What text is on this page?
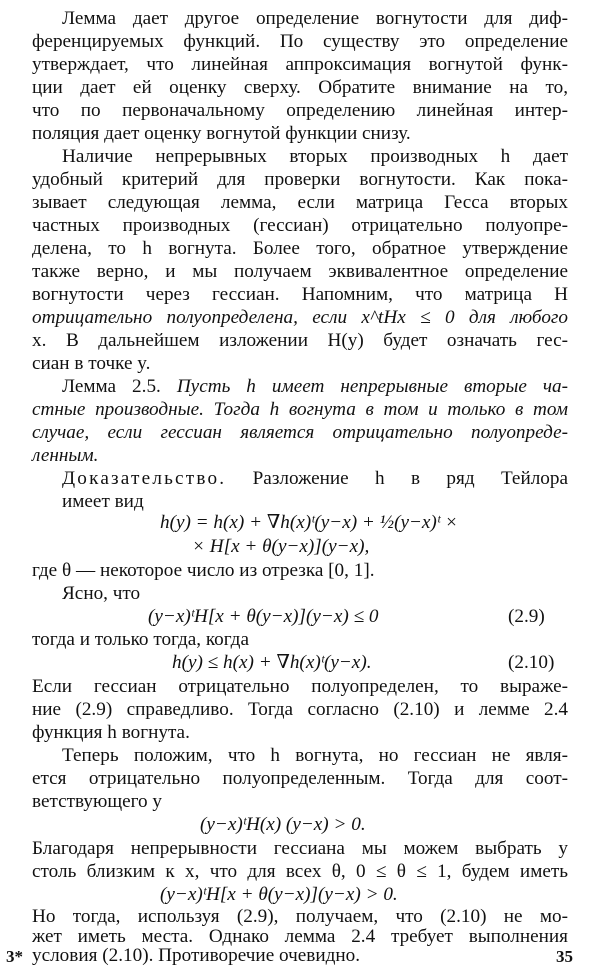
Лемма дает другое определение вогнутости для диф-
ференцируемых функций. По существу это определение
утверждает, что линейная аппроксимация вогнутой функ-
ции дает ей оценку сверху. Обратите внимание на то,
что по первоначальному определению линейная интер-
поляция дает оценку вогнутой функции снизу.
Наличие непрерывных вторых производных h дает
удобный критерий для проверки вогнутости. Как пока-
зывает следующая лемма, если матрица Гесса вторых
частных производных (гессиан) отрицательно полуопре-
делена, то h вогнута. Более того, обратное утверждение
также верно, и мы получаем эквивалентное определение
вогнутости через гессиан. Напомним, что матрица H
отрицательно полуопределена, если x^tHx ≤ 0 для любого
x. В дальнейшем изложении H(y) будет означать гес-
сиан в точке y.
Лемма 2.5. Пусть h имеет непрерывные вторые ча-
стные производные. Тогда h вогнута в том и только в том
случае, если гессиан является отрицательно полуопреде-
ленным.
Доказательство. Разложение h в ряд Тейлора
имеет вид
h(y) = h(x) + ∇h(x)ᵗ(y−x) + ½(y−x)ᵗ ×
× H[x + θ(y−x)](y−x),
где θ — некоторое число из отрезка [0, 1].
Ясно, что
(y−x)ᵗH[x + θ(y−x)](y−x) ≤ 0	(2.9)
тогда и только тогда, когда
h(y) ≤ h(x) + ∇h(x)ᵗ(y−x).	(2.10)
Если гессиан отрицательно полуопределен, то выраже-
ние (2.9) справедливо. Тогда согласно (2.10) и лемме 2.4
функция h вогнута.
Теперь положим, что h вогнута, но гессиан не явля-
ется отрицательно полуопределенным. Тогда для соот-
ветствующего y
(y−x)ᵗH(x) (y−x) > 0.
Благодаря непрерывности гессиана мы можем выбрать y
столь близким к x, что для всех θ, 0 ≤ θ ≤ 1, будем иметь
(y−x)ᵗH[x + θ(y−x)](y−x) > 0.
Но тогда, используя (2.9), получаем, что (2.10) не мо-
жет иметь места. Однако лемма 2.4 требует выполнения
условия (2.10). Противоречие очевидно.
3*	35
